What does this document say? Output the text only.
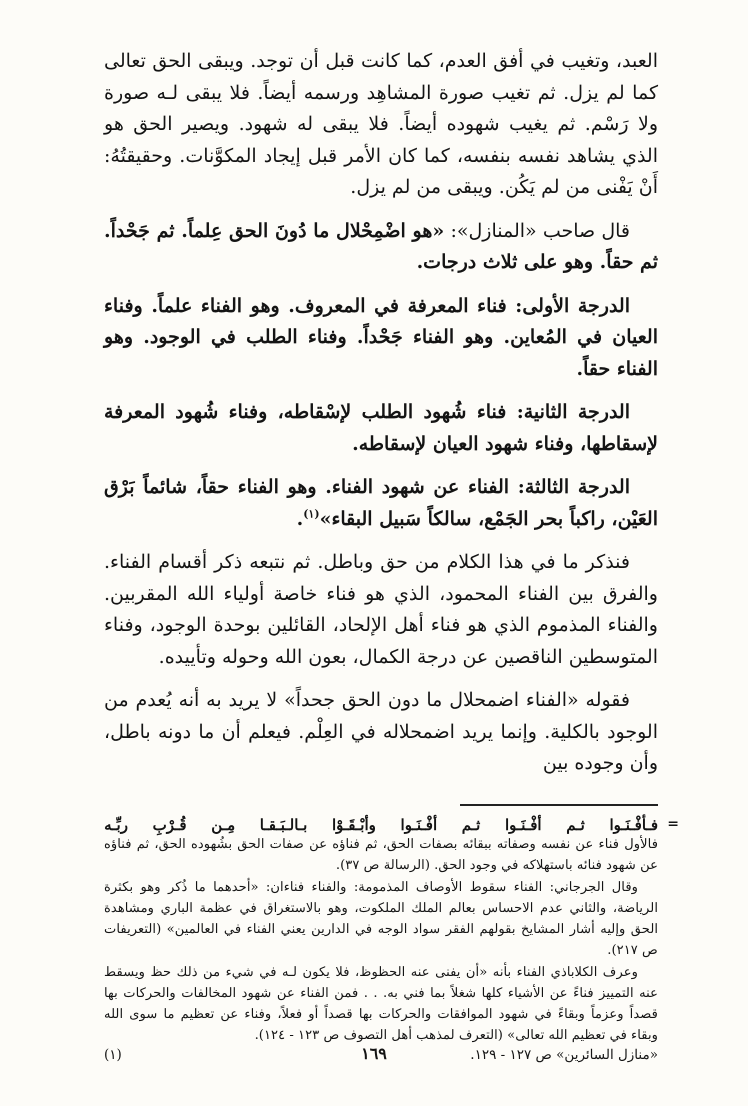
العبد، وتغيب في أفق العدم، كما كانت قبل أن توجد. ويبقى الحق تعالى كما لم يزل. ثم تغيب صورة المشاهِد ورسمه أيضاً. فلا يبقى لـه صورة ولا رَسْم. ثم يغيب شهوده أيضاً. فلا يبقى له شهود. ويصير الحق هو الذي يشاهد نفسه بنفسه، كما كان الأمر قبل إيجاد المكوَّنات. وحقيقتُهُ: أَنْ يَفْنى من لم يَكُن. ويبقى من لم يزل.

قال صاحب «المنازل»: «هو اضْمِحْلال ما دُونَ الحق عِلماً. ثم جَحْداً. ثم حقاً. وهو على ثلاث درجات.

الدرجة الأولى: فناء المعرفة في المعروف. وهو الفناء علماً. وفناء العيان في المُعاين. وهو الفناء جَحْداً. وفناء الطلب في الوجود. وهو الفناء حقاً.

الدرجة الثانية: فناء شُهود الطلب لإسْقاطه، وفناء شُهود المعرفة لإسقاطها، وفناء شهود العيان لإسقاطه.

الدرجة الثالثة: الفناء عن شهود الفناء. وهو الفناء حقاً، شائماً بَرْق العَيْن، راكباً بحر الجَمْع، سالكاً سَبيل البقاء»$^{(١)}$.

فنذكر ما في هذا الكلام من حق وباطل. ثم نتبعه ذكر أقسام الفناء. والفرق بين الفناء المحمود، الذي هو فناء خاصة أولياء الله المقربين. والفناء المذموم الذي هو فناء أهل الإلحاد، القائلين بوحدة الوجود، وفناء المتوسطين الناقصين عن درجة الكمال، بعون الله وحوله وتأييده.

فقوله «الفناء اضمحلال ما دون الحق جحداً» لا يريد به أنه يُعدم من الوجود بالكلية. وإنما يريد اضمحلاله في العِلْم. فيعلم أن ما دونه باطل، وأن وجوده بين

=
فـأفْـنَـوا
ثـم
أفْـنَـوا
ثـم
أفْـنَـوا
وأبْـقَـوْا
بـالـبَـقـا
مِـن
قُـرْبِ
ربِّـه

فالأول فناء عن نفسه وصفاته ببقائه بصفات الحق، ثم فناؤه عن صفات الحق بشُهوده الحق، ثم فناؤه عن شهود فنائه باستهلاكه في وجود الحق. (الرسالة ص ٣٧).

وقال الجرجاني: الفناء سقوط الأوصاف المذمومة: والفناء فناءان: «أحدهما ما ذُكر وهو بكثرة الرياضة، والثاني عدم الاحساس بعالم الملك الملكوت، وهو بالاستغراق في عظمة الباري ومشاهدة الحق وإليه أشار المشايخ بقولهم الفقر سواد الوجه في الدارين يعني الفناء في العالمين» (التعريفات ص ٢١٧).

وعرف الكلاباذي الفناء بأنه «أن يفنى عنه الحظوظ، فلا يكون لـه في شيء من ذلك حظ ويسقط عنه التمييز فناءً عن الأشياء كلها شغلاً بما فني به. . . فمن الفناء عن شهود المخالفات والحركات بها قصداً وعزماً وبقاءً في شهود الموافقات والحركات بها قصداً أو فعلاً، وفناء عن تعظيم ما سوى الله وبقاء في تعظيم الله تعالى» (التعرف لمذهب أهل التصوف ص ١٢٣ - ١٢٤).

«منازل السائرين» ص ١٢٧ - ١٢٩.
(١)	١٦٩
